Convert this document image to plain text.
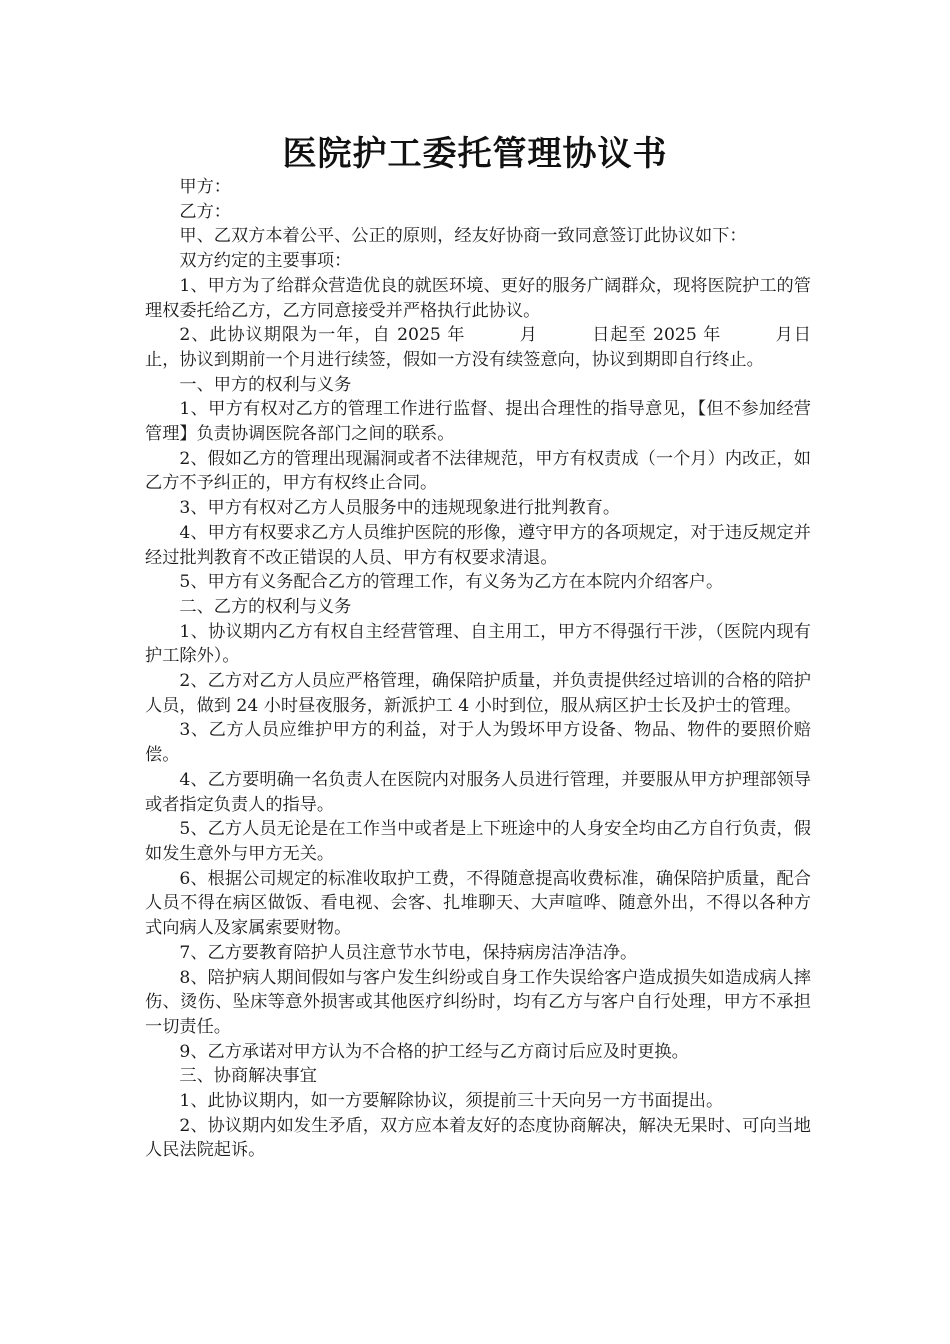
医院护工委托管理协议书

甲方：

乙方：

甲、乙双方本着公平、公正的原则，经友好协商一致同意签订此协议如下：

双方约定的主要事项：

1、甲方为了给群众营造优良的就医环境、更好的服务广阔群众，现将医院护工的管理权委托给乙方，乙方同意接受并严格执行此协议。

2、此协议期限为一年，自 2025 年　　　月　　　日起至 2025 年　　　月日止，协议到期前一个月进行续签，假如一方没有续签意向，协议到期即自行终止。

一、甲方的权利与义务

1、甲方有权对乙方的管理工作进行监督、提出合理性的指导意见，【但不参加经营管理】负责协调医院各部门之间的联系。

2、假如乙方的管理出现漏洞或者不法律规范，甲方有权责成（一个月）内改正，如乙方不予纠正的，甲方有权终止合同。

3、甲方有权对乙方人员服务中的违规现象进行批判教育。

4、甲方有权要求乙方人员维护医院的形像，遵守甲方的各项规定，对于违反规定并经过批判教育不改正错误的人员、甲方有权要求清退。

5、甲方有义务配合乙方的管理工作，有义务为乙方在本院内介绍客户。

二、乙方的权利与义务

1、协议期内乙方有权自主经营管理、自主用工，甲方不得强行干涉，（医院内现有护工除外）。

2、乙方对乙方人员应严格管理，确保陪护质量，并负责提供经过培训的合格的陪护人员，做到 24 小时昼夜服务，新派护工 4 小时到位，服从病区护士长及护士的管理。

3、乙方人员应维护甲方的利益，对于人为毁坏甲方设备、物品、物件的要照价赔偿。

4、乙方要明确一名负责人在医院内对服务人员进行管理，并要服从甲方护理部领导或者指定负责人的指导。

5、乙方人员无论是在工作当中或者是上下班途中的人身安全均由乙方自行负责，假如发生意外与甲方无关。

6、根据公司规定的标准收取护工费，不得随意提高收费标准，确保陪护质量，配合人员不得在病区做饭、看电视、会客、扎堆聊天、大声喧哗、随意外出，不得以各种方式向病人及家属索要财物。

7、乙方要教育陪护人员注意节水节电，保持病房洁净洁净。

8、陪护病人期间假如与客户发生纠纷或自身工作失误给客户造成损失如造成病人摔伤、烫伤、坠床等意外损害或其他医疗纠纷时，均有乙方与客户自行处理，甲方不承担一切责任。

9、乙方承诺对甲方认为不合格的护工经与乙方商讨后应及时更换。

三、协商解决事宜

1、此协议期内，如一方要解除协议，须提前三十天向另一方书面提出。

2、协议期内如发生矛盾，双方应本着友好的态度协商解决，解决无果时、可向当地人民法院起诉。
